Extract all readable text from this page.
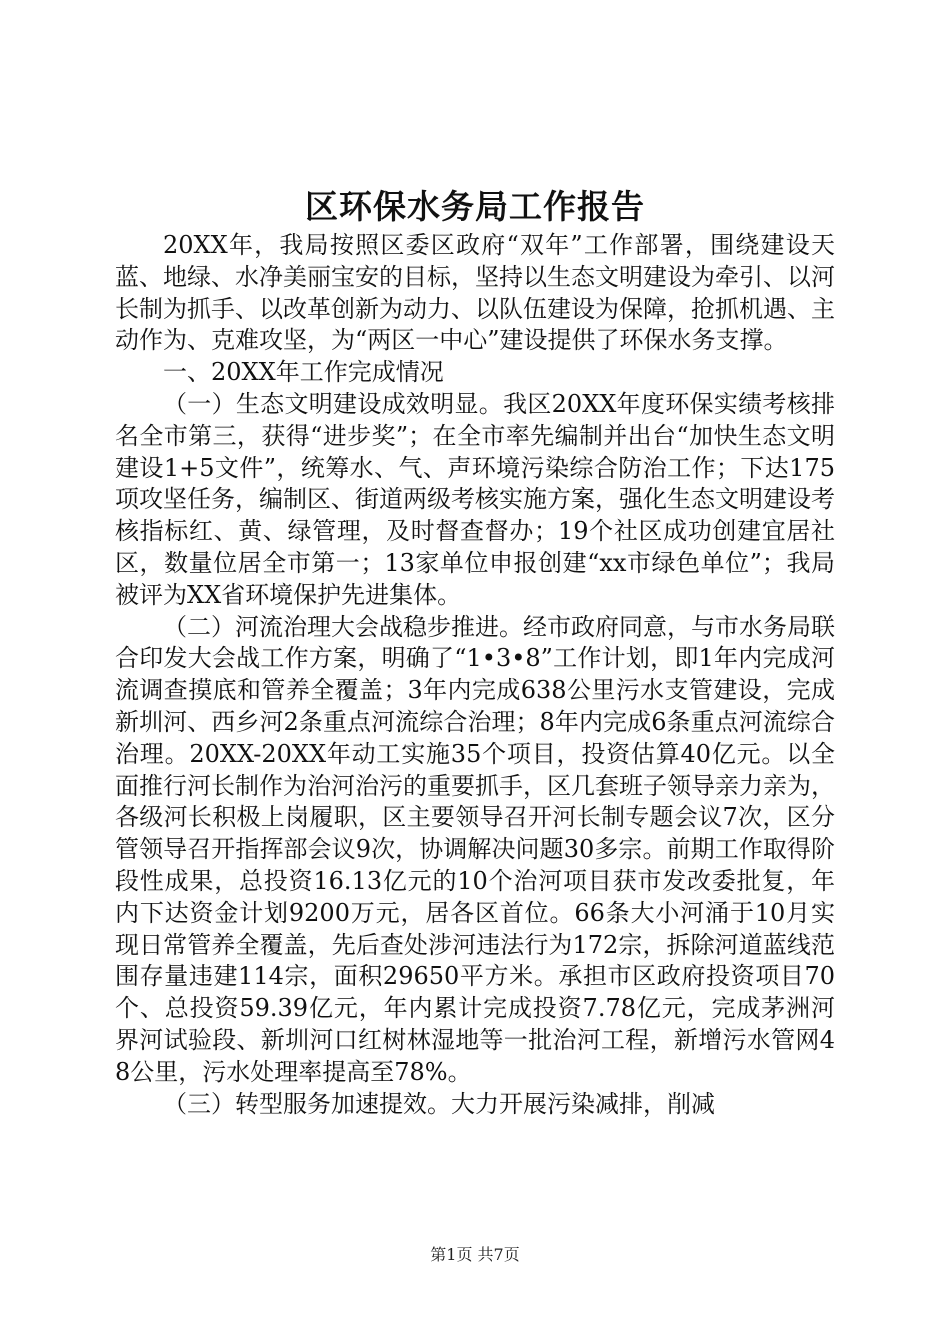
区环保水务局工作报告

20XX年，我局按照区委区政府“双年”工作部署，围绕建设天蓝、地绿、水净美丽宝安的目标，坚持以生态文明建设为牵引、以河长制为抓手、以改革创新为动力、以队伍建设为保障，抢抓机遇、主动作为、克难攻坚，为“两区一中心”建设提供了环保水务支撑。

一、20XX年工作完成情况

（一）生态文明建设成效明显。我区20XX年度环保实绩考核排名全市第三，获得“进步奖”；在全市率先编制并出台“加快生态文明建设1+5文件”，统筹水、气、声环境污染综合防治工作；下达175项攻坚任务，编制区、街道两级考核实施方案，强化生态文明建设考核指标红、黄、绿管理，及时督查督办；19个社区成功创建宜居社区，数量位居全市第一；13家单位申报创建“xx市绿色单位”；我局被评为XX省环境保护先进集体。

（二）河流治理大会战稳步推进。经市政府同意，与市水务局联合印发大会战工作方案，明确了“1•3•8”工作计划，即1年内完成河流调查摸底和管养全覆盖；3年内完成638公里污水支管建设，完成新圳河、西乡河2条重点河流综合治理；8年内完成6条重点河流综合治理。20XX-20XX年动工实施35个项目，投资估算40亿元。以全面推行河长制作为治河治污的重要抓手，区几套班子领导亲力亲为，各级河长积极上岗履职，区主要领导召开河长制专题会议7次，区分管领导召开指挥部会议9次，协调解决问题30多宗。前期工作取得阶段性成果，总投资16.13亿元的10个治河项目获市发改委批复，年内下达资金计划9200万元，居各区首位。66条大小河涌于10月实现日常管养全覆盖，先后查处涉河违法行为172宗，拆除河道蓝线范围存量违建114宗，面积29650平方米。承担市区政府投资项目70个、总投资59.39亿元，年内累计完成投资7.78亿元，完成茅洲河界河试验段、新圳河口红树林湿地等一批治河工程，新增污水管网48公里，污水处理率提高至78%。

（三）转型服务加速提效。大力开展污染减排，削减

第1页 共7页
